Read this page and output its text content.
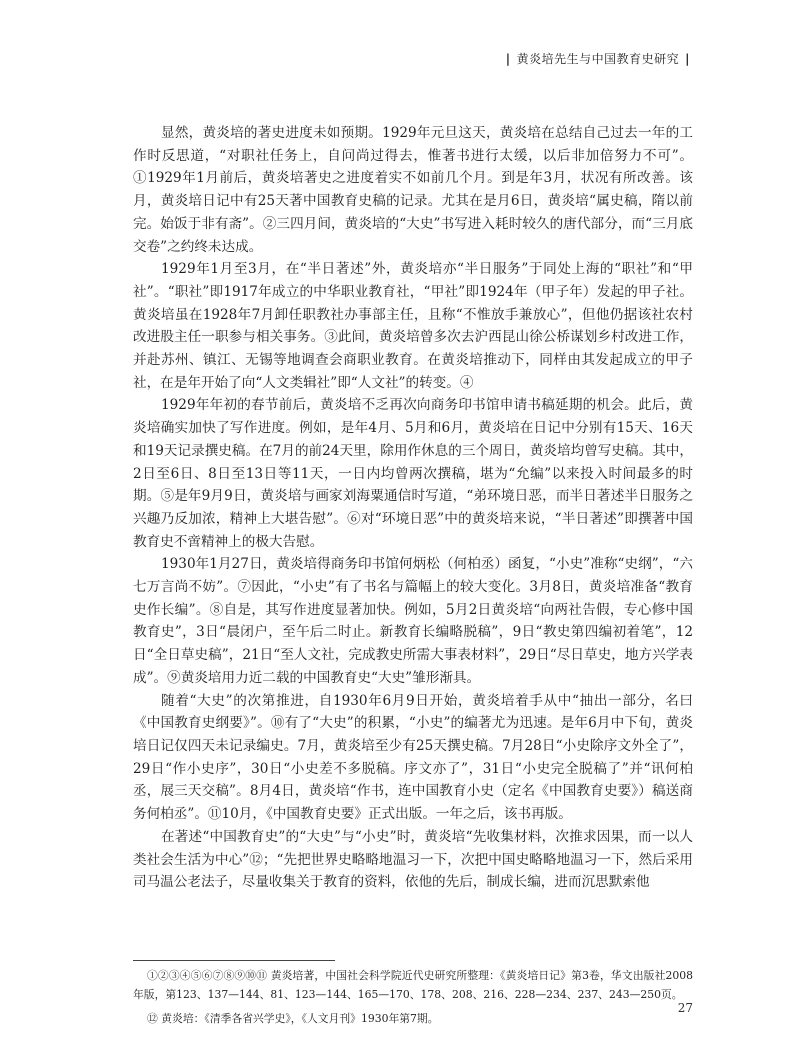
| 黄炎培先生与中国教育史研究 |

显然，黄炎培的著史进度未如预期。1929年元旦这天，黄炎培在总结自己过去一年的工作时反思道，“对职社任务上，自问尚过得去，惟著书进行太缓，以后非加倍努力不可”。①1929年1月前后，黄炎培著史之进度着实不如前几个月。到是年3月，状况有所改善。该月，黄炎培日记中有25天著中国教育史稿的记录。尤其在是月6日，黄炎培“属史稿，隋以前完。始饭于非有斋”。②三四月间，黄炎培的“大史”书写进入耗时较久的唐代部分，而“三月底交卷”之约终未达成。

1929年1月至3月，在“半日著述”外，黄炎培亦“半日服务”于同处上海的“职社”和“甲社”。“职社”即1917年成立的中华职业教育社，“甲社”即1924年（甲子年）发起的甲子社。黄炎培虽在1928年7月卸任职教社办事部主任，且称“不惟放手兼放心”，但他仍据该社农村改进股主任一职参与相关事务。③此间，黄炎培曾多次去沪西昆山徐公桥谋划乡村改进工作，并赴苏州、镇江、无锡等地调查会商职业教育。在黄炎培推动下，同样由其发起成立的甲子社，在是年开始了向“人文类辑社”即“人文社”的转变。④

1929年年初的春节前后，黄炎培不乏再次向商务印书馆申请书稿延期的机会。此后，黄炎培确实加快了写作进度。例如，是年4月、5月和6月，黄炎培在日记中分别有15天、16天和19天记录撰史稿。在7月的前24天里，除用作休息的三个周日，黄炎培均曾写史稿。其中，2日至6日、8日至13日等11天，一日内均曾两次撰稿，堪为“允编”以来投入时间最多的时期。⑤是年9月9日，黄炎培与画家刘海粟通信时写道，“弟环境日恶，而半日著述半日服务之兴趣乃反加浓，精神上大堪告慰”。⑥对“环境日恶”中的黄炎培来说，“半日著述”即撰著中国教育史不啻精神上的极大告慰。

1930年1月27日，黄炎培得商务印书馆何炳松（何柏丞）函复，“小史”准称“史纲”，“六七万言尚不妨”。⑦因此，“小史”有了书名与篇幅上的较大变化。3月8日，黄炎培准备“教育史作长编”。⑧自是，其写作进度显著加快。例如，5月2日黄炎培“向两社告假，专心修中国教育史”，3日“晨闭户，至午后二时止。新教育长编略脱稿”，9日“教史第四编初着笔”，12日“全日草史稿”，21日“至人文社，完成教史所需大事表材料”，29日“尽日草史，地方兴学表成”。⑨黄炎培用力近二载的中国教育史“大史”雏形渐具。

随着“大史”的次第推进，自1930年6月9日开始，黄炎培着手从中“抽出一部分，名曰《中国教育史纲要》”。⑩有了“大史”的积累，“小史”的编著尤为迅速。是年6月中下旬，黄炎培日记仅四天未记录编史。7月，黄炎培至少有25天撰史稿。7月28日“小史除序文外全了”，29日“作小史序”，30日“小史差不多脱稿。序文亦了”，31日“小史完全脱稿了”并“讯何柏丞，展三天交稿”。8月4日，黄炎培“作书，连中国教育小史（定名《中国教育史要》）稿送商务何柏丞”。⑪10月，《中国教育史要》正式出版。一年之后，该书再版。

在著述“中国教育史”的“大史”与“小史”时，黄炎培“先收集材料，次推求因果，而一以人类社会生活为中心”⑫；“先把世界史略略地温习一下，次把中国史略略地温习一下，然后采用司马温公老法子，尽量收集关于教育的资料，依他的先后，制成长编，进而沉思默索他

①②③④⑤⑥⑦⑧⑨⑩⑪ 黄炎培著，中国社会科学院近代史研究所整理：《黄炎培日记》第3卷，华文出版社2008年版，第123、137—144、81、123—144、165—170、178、208、216、228—234、237、243—250页。

⑫ 黄炎培：《清季各省兴学史》，《人文月刊》1930年第7期。

27
